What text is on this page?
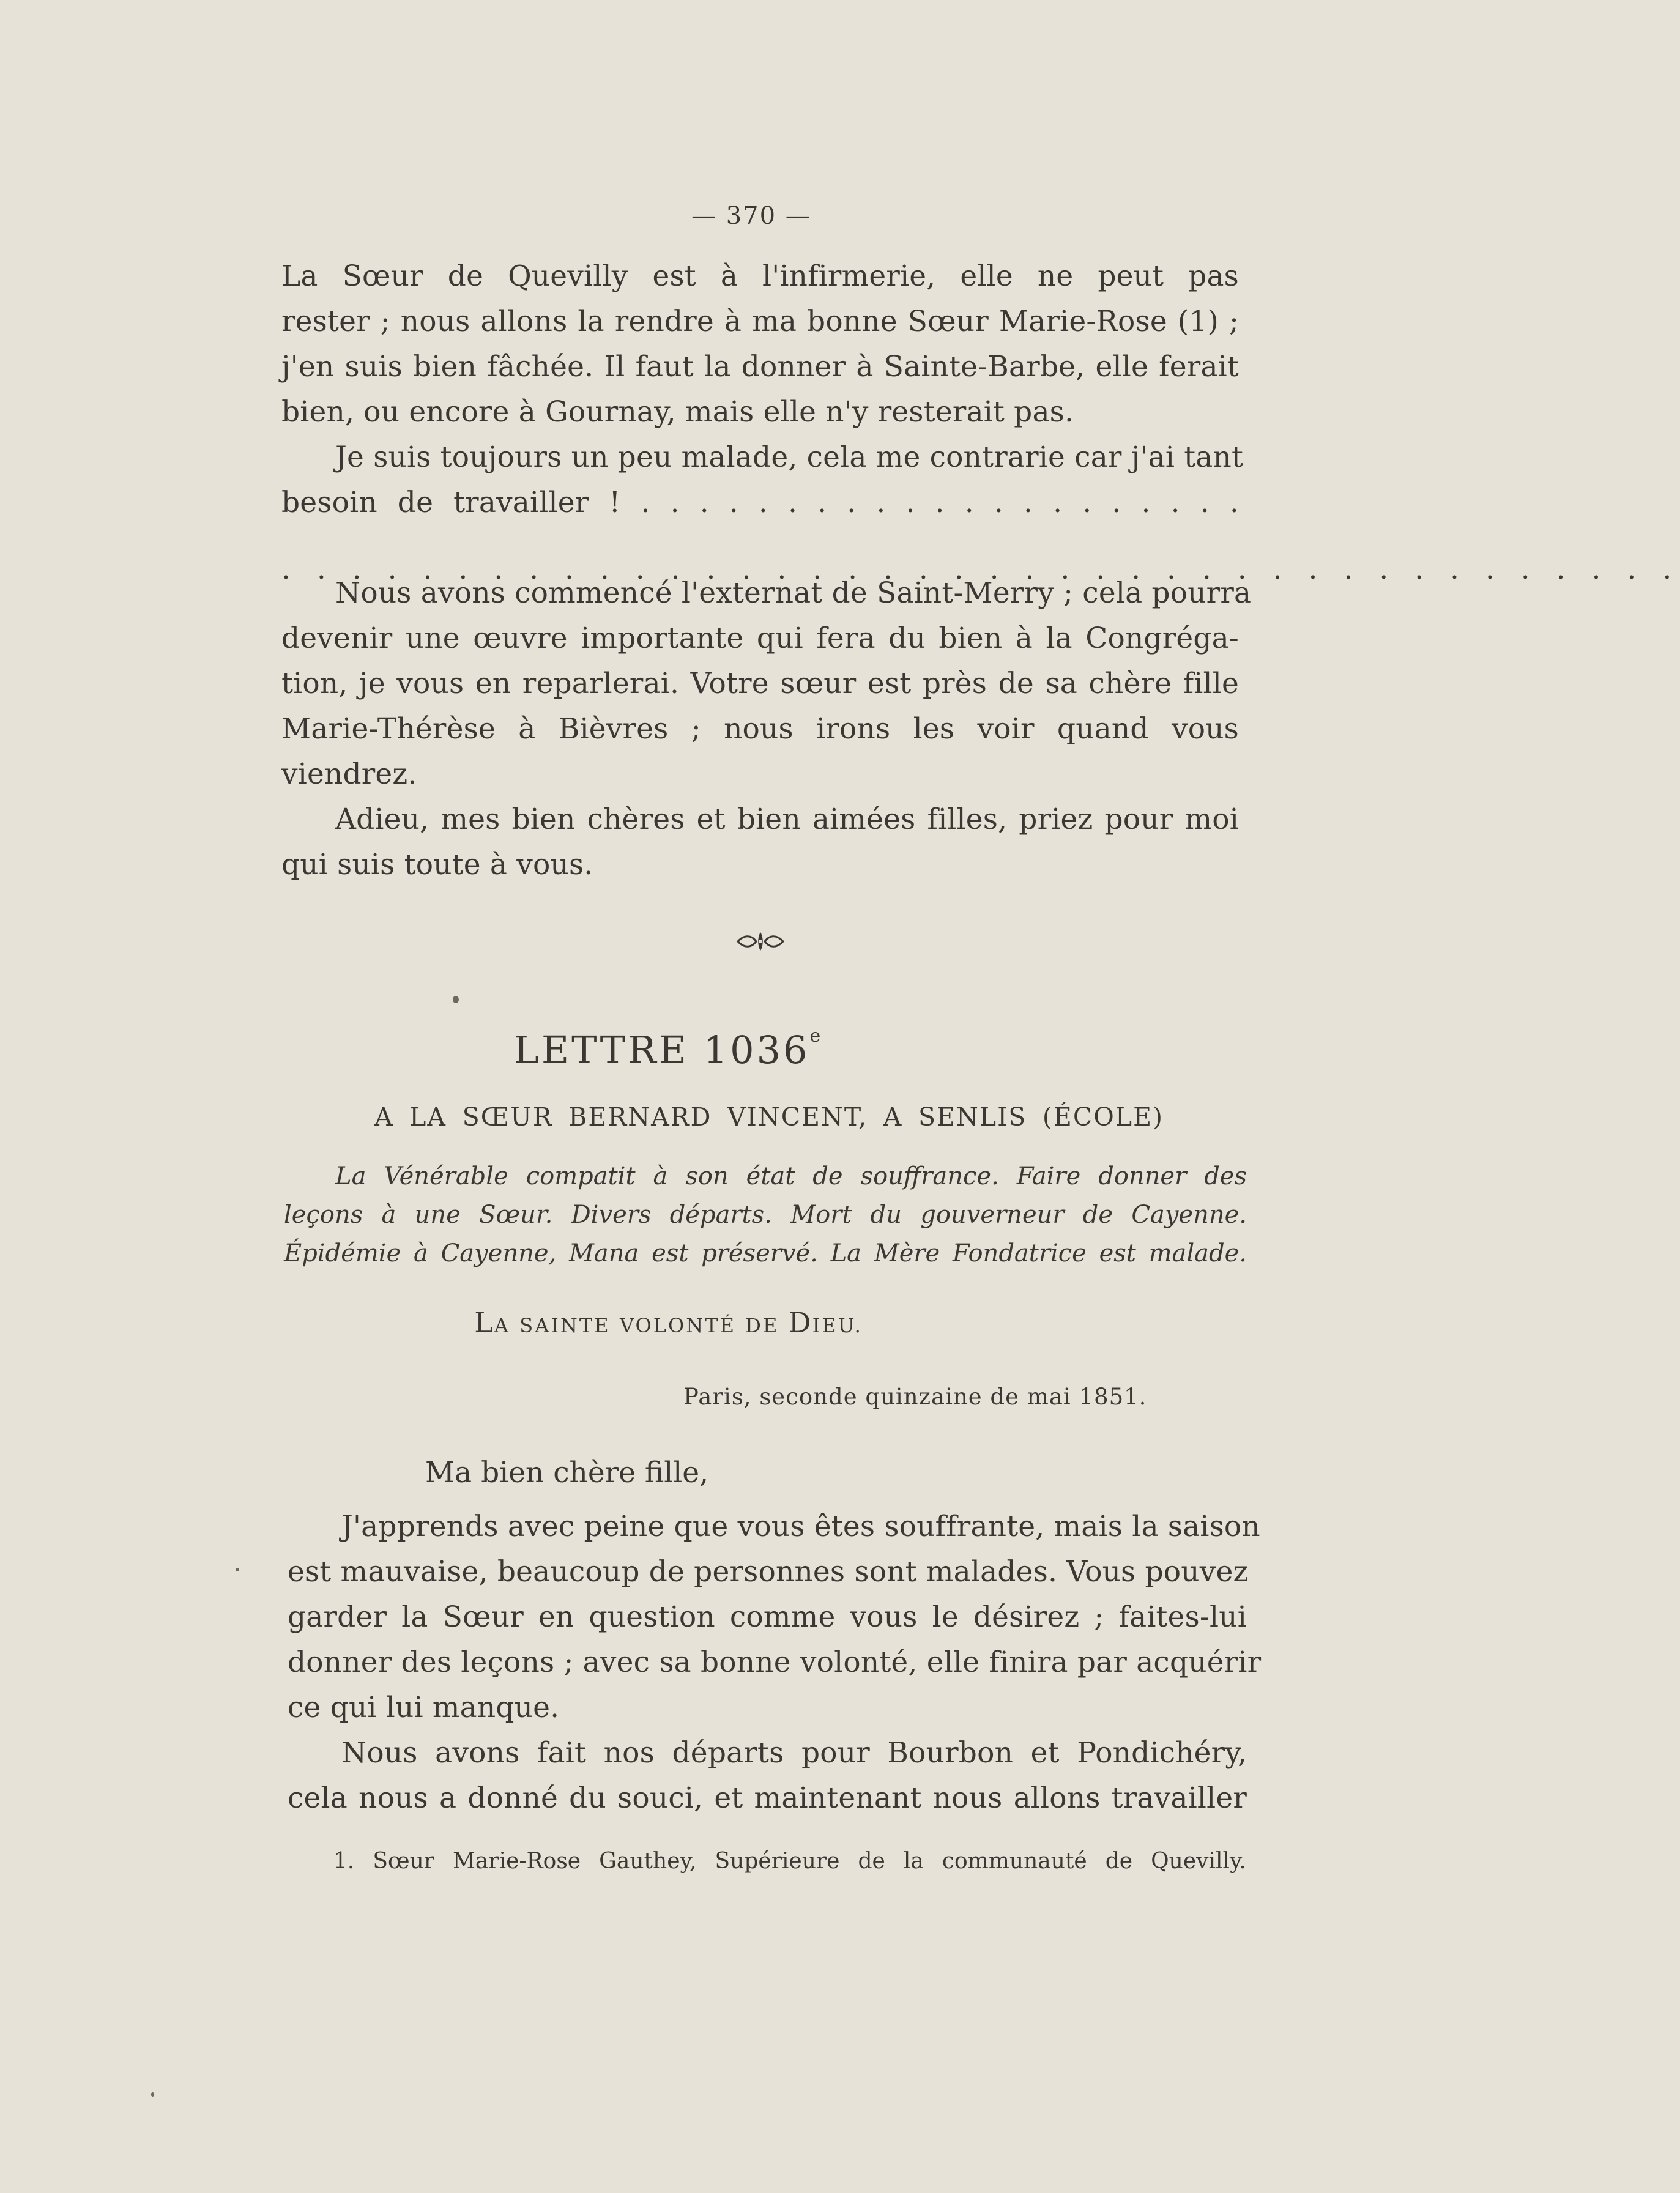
— 370 —
La Sœur de Quevilly est à l'infirmerie, elle ne peut pas
rester ; nous allons la rendre à ma bonne Sœur Marie-Rose (1) ;
j'en suis bien fâchée. Il faut la donner à Sainte-Barbe, elle ferait
bien, ou encore à Gournay, mais elle n'y resterait pas.
Je suis toujours un peu malade, cela me contrarie car j'ai tant
besoin de travailler ! . . . . . . . . . . . . . . . . . . . . .
. . . . . . . . . . . . . . . . . . . . . . . . . . . . . . . . . . . . . . . .
Nous avons commencé l'externat de Saint-Merry ; cela pourra
devenir une œuvre importante qui fera du bien à la Congréga-
tion, je vous en reparlerai. Votre sœur est près de sa chère fille
Marie-Thérèse à Bièvres ; nous irons les voir quand vous
viendrez.
Adieu, mes bien chères et bien aimées filles, priez pour moi
qui suis toute à vous.
LETTRE 1036e
A LA SŒUR BERNARD VINCENT, A SENLIS (ÉCOLE)
La Vénérable compatit à son état de souffrance. Faire donner des
leçons à une Sœur. Divers départs. Mort du gouverneur de Cayenne.
Épidémie à Cayenne, Mana est préservé. La Mère Fondatrice est malade.
LA SAINTE VOLONTÉ DE DIEU.
Paris, seconde quinzaine de mai 1851.
Ma bien chère fille,
J'apprends avec peine que vous êtes souffrante, mais la saison
est mauvaise, beaucoup de personnes sont malades. Vous pouvez
garder la Sœur en question comme vous le désirez ; faites-lui
donner des leçons ; avec sa bonne volonté, elle finira par acquérir
ce qui lui manque.
Nous avons fait nos départs pour Bourbon et Pondichéry,
cela nous a donné du souci, et maintenant nous allons travailler
1. Sœur Marie-Rose Gauthey, Supérieure de la communauté de Quevilly.
